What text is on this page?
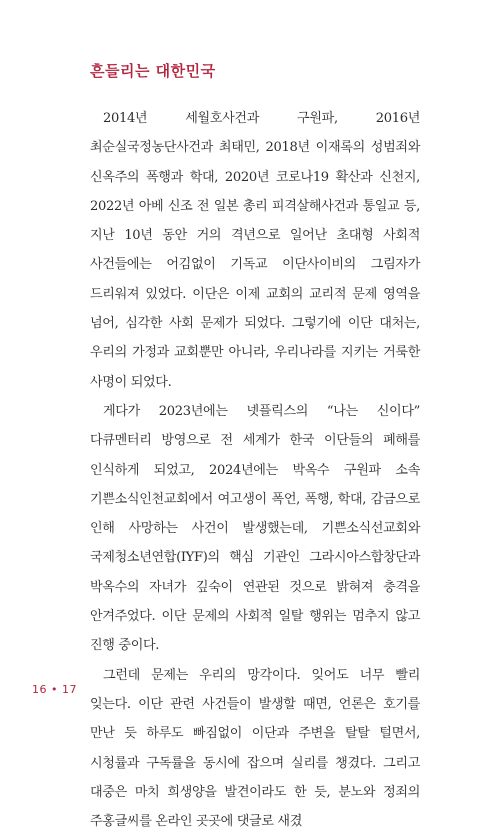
흔들리는 대한민국

2014년 세월호사건과 구원파, 2016년 최순실국정농단사건과 최태민, 2018년 이재록의 성범죄와 신옥주의 폭행과 학대, 2020년 코로나19 확산과 신천지, 2022년 아베 신조 전 일본 총리 피격살해사건과 통일교 등, 지난 10년 동안 거의 격년으로 일어난 초대형 사회적 사건들에는 어김없이 기독교 이단사이비의 그림자가 드리워져 있었다. 이단은 이제 교회의 교리적 문제 영역을 넘어, 심각한 사회 문제가 되었다. 그렇기에 이단 대처는, 우리의 가정과 교회뿐만 아니라, 우리나라를 지키는 거룩한 사명이 되었다.

게다가 2023년에는 넷플릭스의 “나는 신이다” 다큐멘터리 방영으로 전 세계가 한국 이단들의 폐해를 인식하게 되었고, 2024년에는 박옥수 구원파 소속 기쁜소식인천교회에서 여고생이 폭언, 폭행, 학대, 감금으로 인해 사망하는 사건이 발생했는데, 기쁜소식선교회와 국제청소년연합(IYF)의 핵심 기관인 그라시아스합창단과 박옥수의 자녀가 깊숙이 연관된 것으로 밝혀져 충격을 안겨주었다. 이단 문제의 사회적 일탈 행위는 멈추지 않고 진행 중이다.

그런데 문제는 우리의 망각이다. 잊어도 너무 빨리 잊는다. 이단 관련 사건들이 발생할 때면, 언론은 호기를 만난 듯 하루도 빠짐없이 이단과 주변을 탈탈 털면서, 시청률과 구독률을 동시에 잡으며 실리를 챙겼다. 그리고 대중은 마치 희생양을 발견이라도 한 듯, 분노와 정죄의 주홍글씨를 온라인 곳곳에 댓글로 새겼

16 • 17
